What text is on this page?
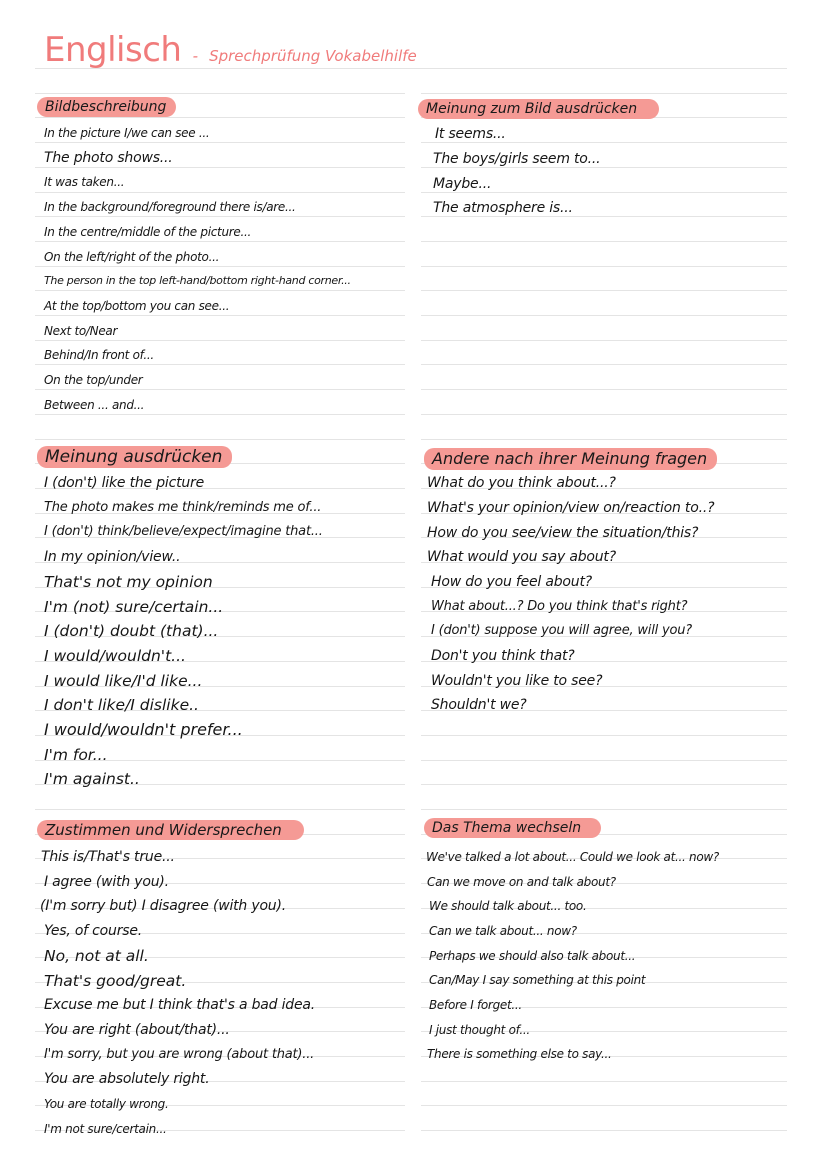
Englisch - Sprechprüfung Vokabelhilfe
Bildbeschreibung
In the picture I/we can see ...
The photo shows...
It was taken...
In the background/foreground there is/are...
In the centre/middle of the picture...
On the left/right of the photo...
The person in the top left-hand/bottom right-hand corner...
At the top/bottom you can see...
Next to/Near
Behind/In front of...
On the top/under
Between ... and...
Meinung ausdrücken
I (don't) like the picture
The photo makes me think/reminds me of...
I (don't) think/believe/expect/imagine that...
In my opinion/view..
That's not my opinion
I'm (not) sure/certain...
I (don't) doubt (that)...
I would/wouldn't...
I would like/I'd like...
I don't like/I dislike..
I would/wouldn't prefer...
I'm for...
I'm against..
Zustimmen und Widersprechen
This is/That's true...
I agree (with you).
(I'm sorry but) I disagree (with you).
Yes, of course.
No, not at all.
That's good/great.
Excuse me but I think that's a bad idea.
You are right (about/that)...
I'm sorry, but you are wrong (about that)...
You are absolutely right.
You are totally wrong.
I'm not sure/certain...
Meinung zum Bild ausdrücken
It seems...
The boys/girls seem to...
Maybe...
The atmosphere is...
Andere nach ihrer Meinung fragen
What do you think about...?
What's your opinion/view on/reaction to..?
How do you see/view the situation/this?
What would you say about?
How do you feel about?
What about...? Do you think that's right?
I (don't) suppose you will agree, will you?
Don't you think that?
Wouldn't you like to see?
Shouldn't we?
Das Thema wechseln
We've talked a lot about... Could we look at... now?
Can we move on and talk about?
We should talk about... too.
Can we talk about... now?
Perhaps we should also talk about...
Can/May I say something at this point
Before I forget...
I just thought of...
There is something else to say...
